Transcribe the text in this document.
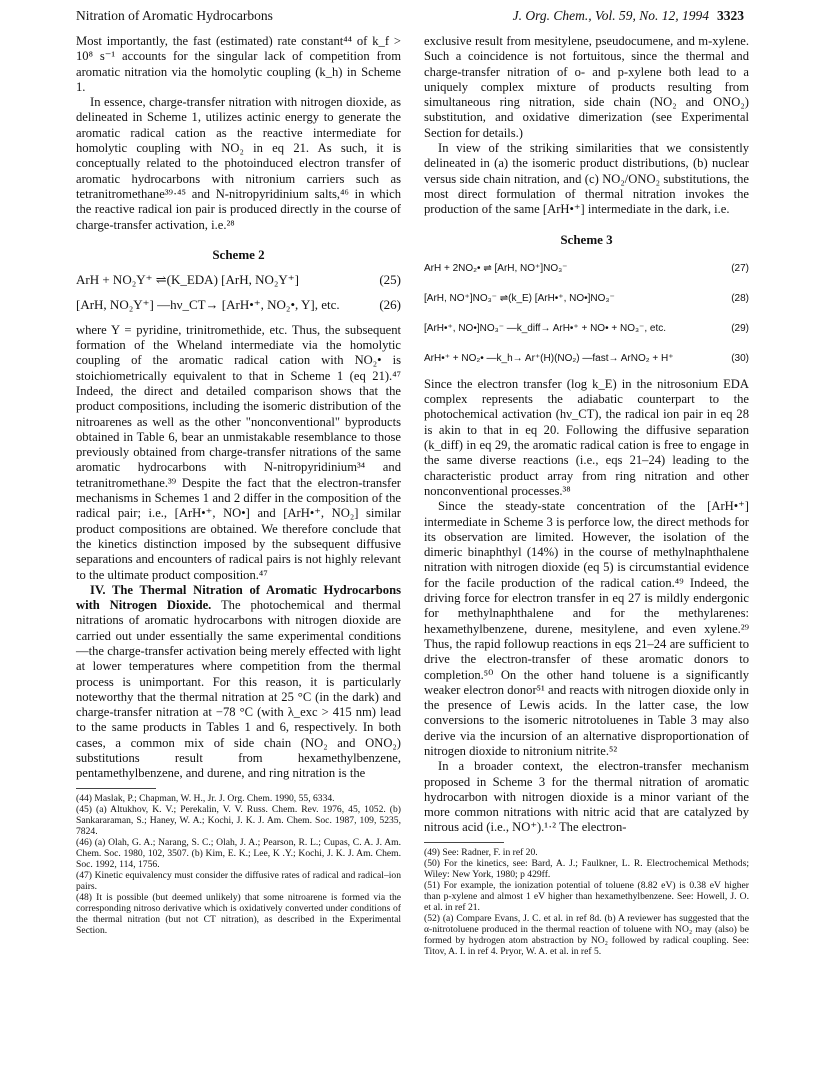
Nitration of Aromatic Hydrocarbons	J. Org. Chem., Vol. 59, No. 12, 1994 3323

Most importantly, the fast (estimated) rate constant⁴⁴ of k_f > 10⁸ s⁻¹ accounts for the singular lack of competition from aromatic nitration via the homolytic coupling (k_h) in Scheme 1.

In essence, charge-transfer nitration with nitrogen dioxide, as delineated in Scheme 1, utilizes actinic energy to generate the aromatic radical cation as the reactive intermediate for homolytic coupling with NO₂ in eq 21. As such, it is conceptually related to the photoinduced electron transfer of aromatic hydrocarbons with nitronium carriers such as tetranitromethane³⁹·⁴⁵ and N-nitropyridinium salts,⁴⁶ in which the reactive radical ion pair is produced directly in the course of charge-transfer activation, i.e.²⁸

Scheme 2
ArH + NO₂Y⁺ ⇌(K_EDA) [ArH, NO₂Y⁺]	(25)
[ArH, NO₂Y⁺] —hν_CT→ [ArH•⁺, NO₂•, Y], etc.	(26)

where Y = pyridine, trinitromethide, etc. Thus, the subsequent formation of the Wheland intermediate via the homolytic coupling of the aromatic radical cation with NO₂• is stoichiometrically equivalent to that in Scheme 1 (eq 21).⁴⁷ Indeed, the direct and detailed comparison shows that the product compositions, including the isomeric distribution of the nitroarenes as well as the other "nonconventional" byproducts obtained in Table 6, bear an unmistakable resemblance to those previously obtained from charge-transfer nitrations of the same aromatic hydrocarbons with N-nitropyridinium³⁴ and tetranitromethane.³⁹ Despite the fact that the electron-transfer mechanisms in Schemes 1 and 2 differ in the composition of the radical pair; i.e., [ArH•⁺, NO•] and [ArH•⁺, NO₂] similar product compositions are obtained. We therefore conclude that the kinetics distinction imposed by the subsequent diffusive separations and encounters of radical pairs is not highly relevant to the ultimate product composition.⁴⁷

IV. The Thermal Nitration of Aromatic Hydrocarbons with Nitrogen Dioxide. The photochemical and thermal nitrations of aromatic hydrocarbons with nitrogen dioxide are carried out under essentially the same experimental conditions—the charge-transfer activation being merely effected with light at lower temperatures where competition from the thermal process is unimportant. For this reason, it is particularly noteworthy that the thermal nitration at 25 °C (in the dark) and charge-transfer nitration at −78 °C (with λ_exc > 415 nm) lead to the same products in Tables 1 and 6, respectively. In both cases, a common mix of side chain (NO₂ and ONO₂) substitutions result from hexamethylbenzene, pentamethylbenzene, and durene, and ring nitration is the

(44) Maslak, P.; Chapman, W. H., Jr. J. Org. Chem. 1990, 55, 6334.
(45) (a) Altukhov, K. V.; Perekalin, V. V. Russ. Chem. Rev. 1976, 45, 1052. (b) Sankararaman, S.; Haney, W. A.; Kochi, J. K. J. Am. Chem. Soc. 1987, 109, 5235, 7824.
(46) (a) Olah, G. A.; Narang, S. C.; Olah, J. A.; Pearson, R. L.; Cupas, C. A. J. Am. Chem. Soc. 1980, 102, 3507. (b) Kim, E. K.; Lee, K .Y.; Kochi, J. K. J. Am. Chem. Soc. 1992, 114, 1756.
(47) Kinetic equivalency must consider the diffusive rates of radical and radical–ion pairs.
(48) It is possible (but deemed unlikely) that some nitroarene is formed via the corresponding nitroso derivative which is oxidatively converted under conditions of the thermal nitration (but not CT nitration), as described in the Experimental Section.

exclusive result from mesitylene, pseudocumene, and m-xylene. Such a coincidence is not fortuitous, since the thermal and charge-transfer nitration of o- and p-xylene both lead to a uniquely complex mixture of products resulting from simultaneous ring nitration, side chain (NO₂ and ONO₂) substitution, and oxidative dimerization (see Experimental Section for details.)

In view of the striking similarities that we consistently delineated in (a) the isomeric product distributions, (b) nuclear versus side chain nitration, and (c) NO₂/ONO₂ substitutions, the most direct formulation of thermal nitration invokes the production of the same [ArH•⁺] intermediate in the dark, i.e.

Scheme 3
ArH + 2NO₂• ⇌ [ArH, NO⁺]NO₃⁻	(27)
[ArH, NO⁺]NO₃⁻ ⇌(k_E) [ArH•⁺, NO•]NO₃⁻	(28)
[ArH•⁺, NO•]NO₃⁻ —k_diff→ ArH•⁺ + NO• + NO₃⁻, etc.	(29)
ArH•⁺ + NO₂• —k_h→ Ar⁺(H)(NO₂) —fast→ ArNO₂ + H⁺	(30)

Since the electron transfer (log k_E) in the nitrosonium EDA complex represents the adiabatic counterpart to the photochemical activation (hν_CT), the radical ion pair in eq 28 is akin to that in eq 20. Following the diffusive separation (k_diff) in eq 29, the aromatic radical cation is free to engage in the same diverse reactions (i.e., eqs 21–24) leading to the characteristic product array from ring nitration and other nonconventional processes.³⁸

Since the steady-state concentration of the [ArH•⁺] intermediate in Scheme 3 is perforce low, the direct methods for its observation are limited. However, the isolation of the dimeric binaphthyl (14%) in the course of methylnaphthalene nitration with nitrogen dioxide (eq 5) is circumstantial evidence for the facile production of the radical cation.⁴⁹ Indeed, the driving force for electron transfer in eq 27 is mildly endergonic for methylnaphthalene and for the methylarenes: hexamethylbenzene, durene, mesitylene, and even xylene.²⁹ Thus, the rapid followup reactions in eqs 21–24 are sufficient to drive the electron-transfer of these aromatic donors to completion.⁵⁰ On the other hand toluene is a significantly weaker electron donor⁵¹ and reacts with nitrogen dioxide only in the presence of Lewis acids. In the latter case, the low conversions to the isomeric nitrotoluenes in Table 3 may also derive via the incursion of an alternative disproportionation of nitrogen dioxide to nitronium nitrite.⁵²

In a broader context, the electron-transfer mechanism proposed in Scheme 3 for the thermal nitration of aromatic hydrocarbon with nitrogen dioxide is a minor variant of the more common nitrations with nitric acid that are catalyzed by nitrous acid (i.e., NO⁺).¹·² The electron-

(49) See: Radner, F. in ref 20.
(50) For the kinetics, see: Bard, A. J.; Faulkner, L. R. Electrochemical Methods; Wiley: New York, 1980; p 429ff.
(51) For example, the ionization potential of toluene (8.82 eV) is 0.38 eV higher than p-xylene and almost 1 eV higher than hexamethylbenzene. See: Howell, J. O. et al. in ref 21.
(52) (a) Compare Evans, J. C. et al. in ref 8d. (b) A reviewer has suggested that the α-nitrotoluene produced in the thermal reaction of toluene with NO₂ may (also) be formed by hydrogen atom abstraction by NO₂ followed by radical coupling. See: Titov, A. I. in ref 4. Pryor, W. A. et al. in ref 5.
